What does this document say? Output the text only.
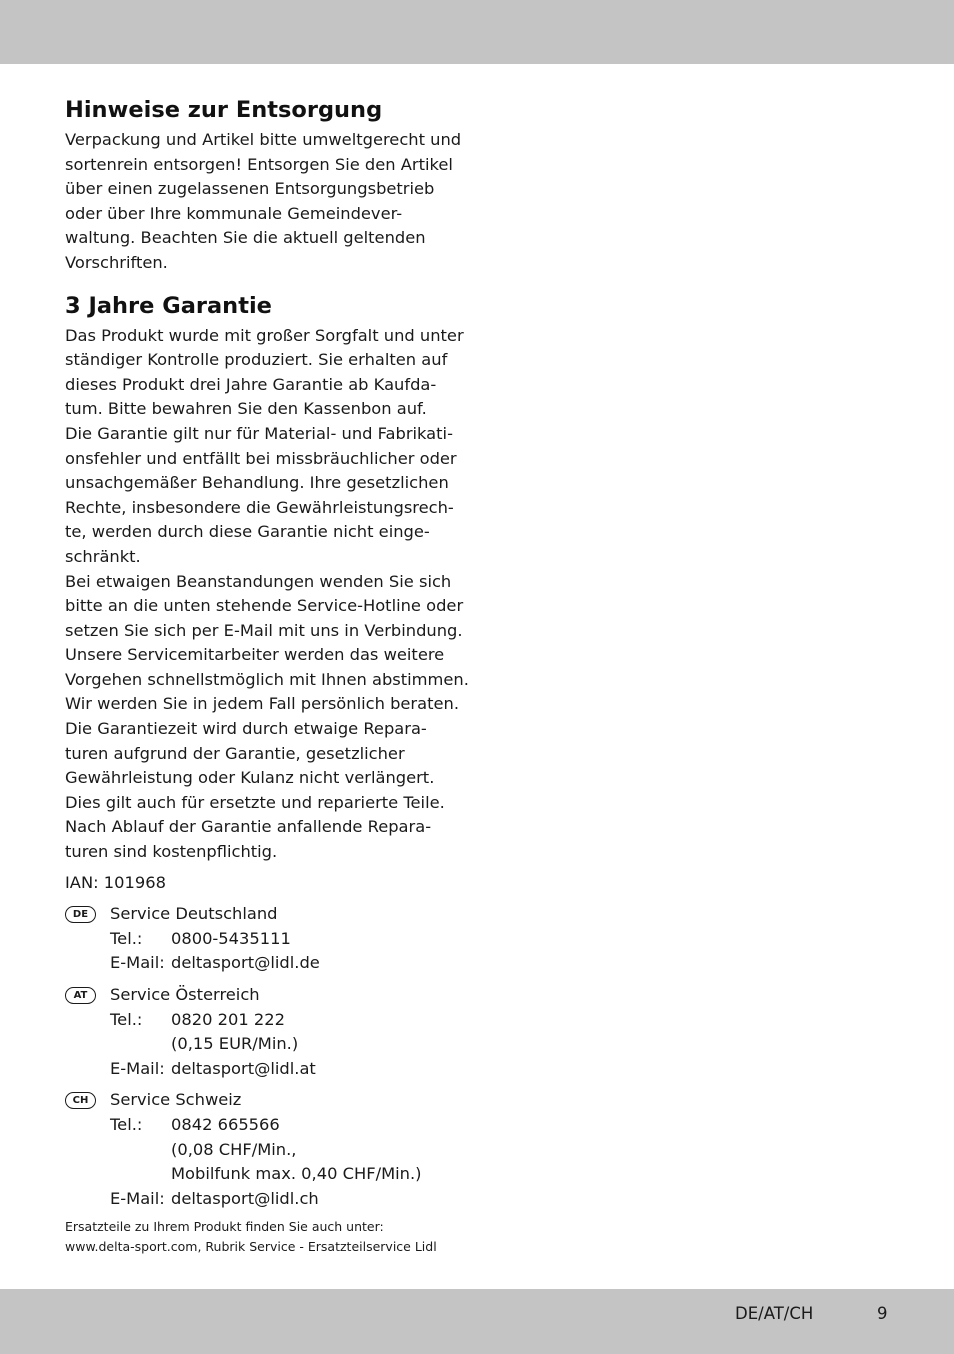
Hinweise zur Entsorgung
Verpackung und Artikel bitte umweltgerecht und
sortenrein entsorgen! Entsorgen Sie den Artikel
über einen zugelassenen Entsorgungsbetrieb
oder über Ihre kommunale Gemeindever-
waltung. Beachten Sie die aktuell geltenden
Vorschriften.
3 Jahre Garantie
Das Produkt wurde mit großer Sorgfalt und unter
ständiger Kontrolle produziert. Sie erhalten auf
dieses Produkt drei Jahre Garantie ab Kaufda-
tum. Bitte bewahren Sie den Kassenbon auf.
Die Garantie gilt nur für Material- und Fabrikati-
onsfehler und entfällt bei missbräuchlicher oder
unsachgemäßer Behandlung. Ihre gesetzlichen
Rechte, insbesondere die Gewährleistungsrech-
te, werden durch diese Garantie nicht einge-
schränkt.
Bei etwaigen Beanstandungen wenden Sie sich
bitte an die unten stehende Service-Hotline oder
setzen Sie sich per E-Mail mit uns in Verbindung.
Unsere Servicemitarbeiter werden das weitere
Vorgehen schnellstmöglich mit Ihnen abstimmen.
Wir werden Sie in jedem Fall persönlich beraten.
Die Garantiezeit wird durch etwaige Repara-
turen aufgrund der Garantie, gesetzlicher
Gewährleistung oder Kulanz nicht verlängert.
Dies gilt auch für ersetzte und reparierte Teile.
Nach Ablauf der Garantie anfallende Repara-
turen sind kostenpflichtig.
IAN: 101968
DE	Service Deutschland
Tel.:	0800-5435111
E-Mail: deltasport@lidl.de
AT	Service Österreich
Tel.:	0820 201 222
(0,15 EUR/Min.)
E-Mail: deltasport@lidl.at
CH	Service Schweiz
Tel.:	0842 665566
(0,08 CHF/Min.,
Mobilfunk max. 0,40 CHF/Min.)
E-Mail: deltasport@lidl.ch
Ersatzteile zu Ihrem Produkt finden Sie auch unter:
www.delta-sport.com, Rubrik Service - Ersatzteilservice Lidl
DE/AT/CH	9
